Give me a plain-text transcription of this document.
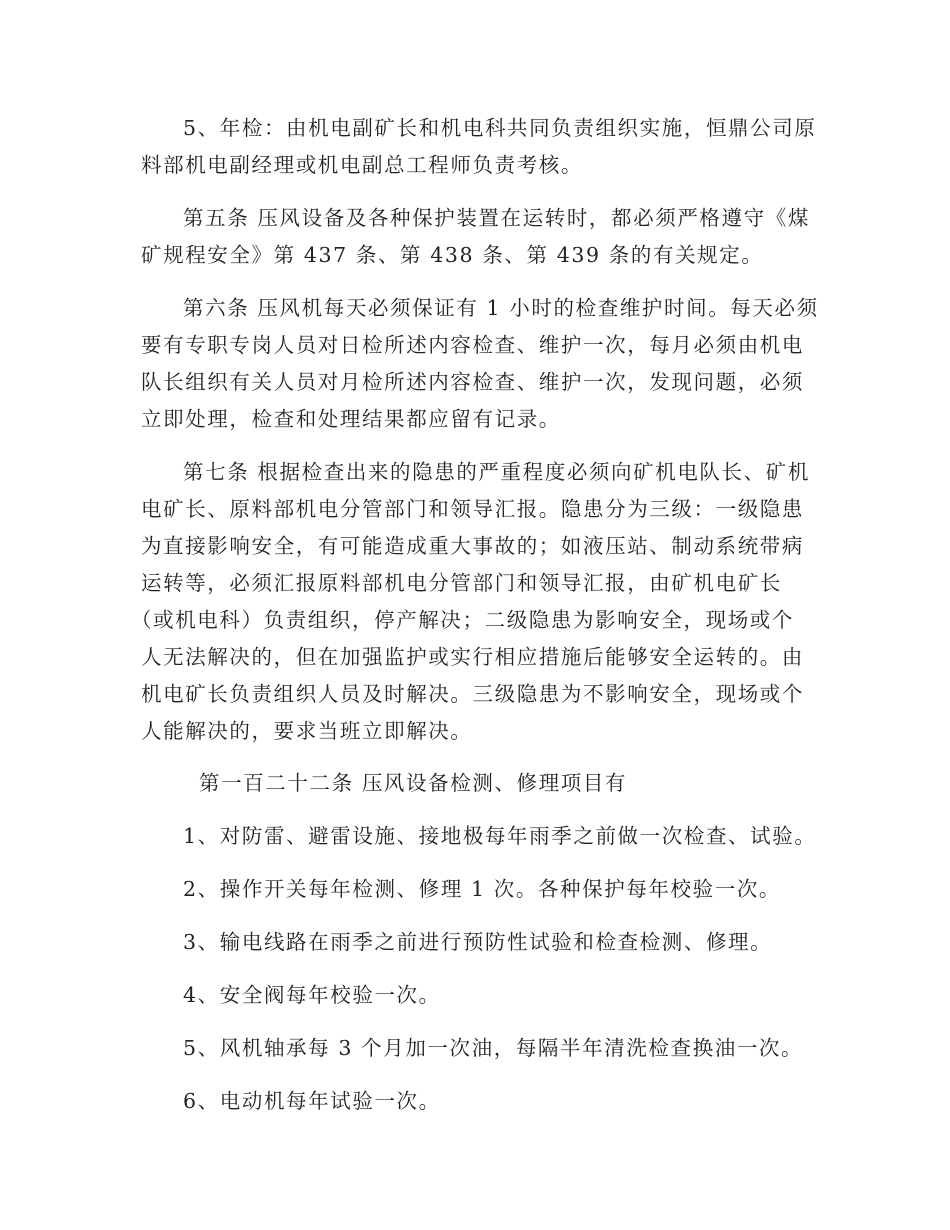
5、年检：由机电副矿长和机电科共同负责组织实施，恒鼎公司原
料部机电副经理或机电副总工程师负责考核。
第五条 压风设备及各种保护装置在运转时，都必须严格遵守《煤
矿规程安全》第 437 条、第 438 条、第 439 条的有关规定。
第六条 压风机每天必须保证有 1 小时的检查维护时间。每天必须
要有专职专岗人员对日检所述内容检查、维护一次，每月必须由机电
队长组织有关人员对月检所述内容检查、维护一次，发现问题，必须
立即处理，检查和处理结果都应留有记录。
第七条 根据检查出来的隐患的严重程度必须向矿机电队长、矿机
电矿长、原料部机电分管部门和领导汇报。隐患分为三级：一级隐患
为直接影响安全，有可能造成重大事故的；如液压站、制动系统带病
运转等，必须汇报原料部机电分管部门和领导汇报，由矿机电矿长
（或机电科）负责组织，停产解决；二级隐患为影响安全，现场或个
人无法解决的，但在加强监护或实行相应措施后能够安全运转的。由
机电矿长负责组织人员及时解决。三级隐患为不影响安全，现场或个
人能解决的，要求当班立即解决。
第一百二十二条 压风设备检测、修理项目有
1、对防雷、避雷设施、接地极每年雨季之前做一次检查、试验。
2、操作开关每年检测、修理 1 次。各种保护每年校验一次。
3、输电线路在雨季之前进行预防性试验和检查检测、修理。
4、安全阀每年校验一次。
5、风机轴承每 3 个月加一次油，每隔半年清洗检查换油一次。
6、电动机每年试验一次。
